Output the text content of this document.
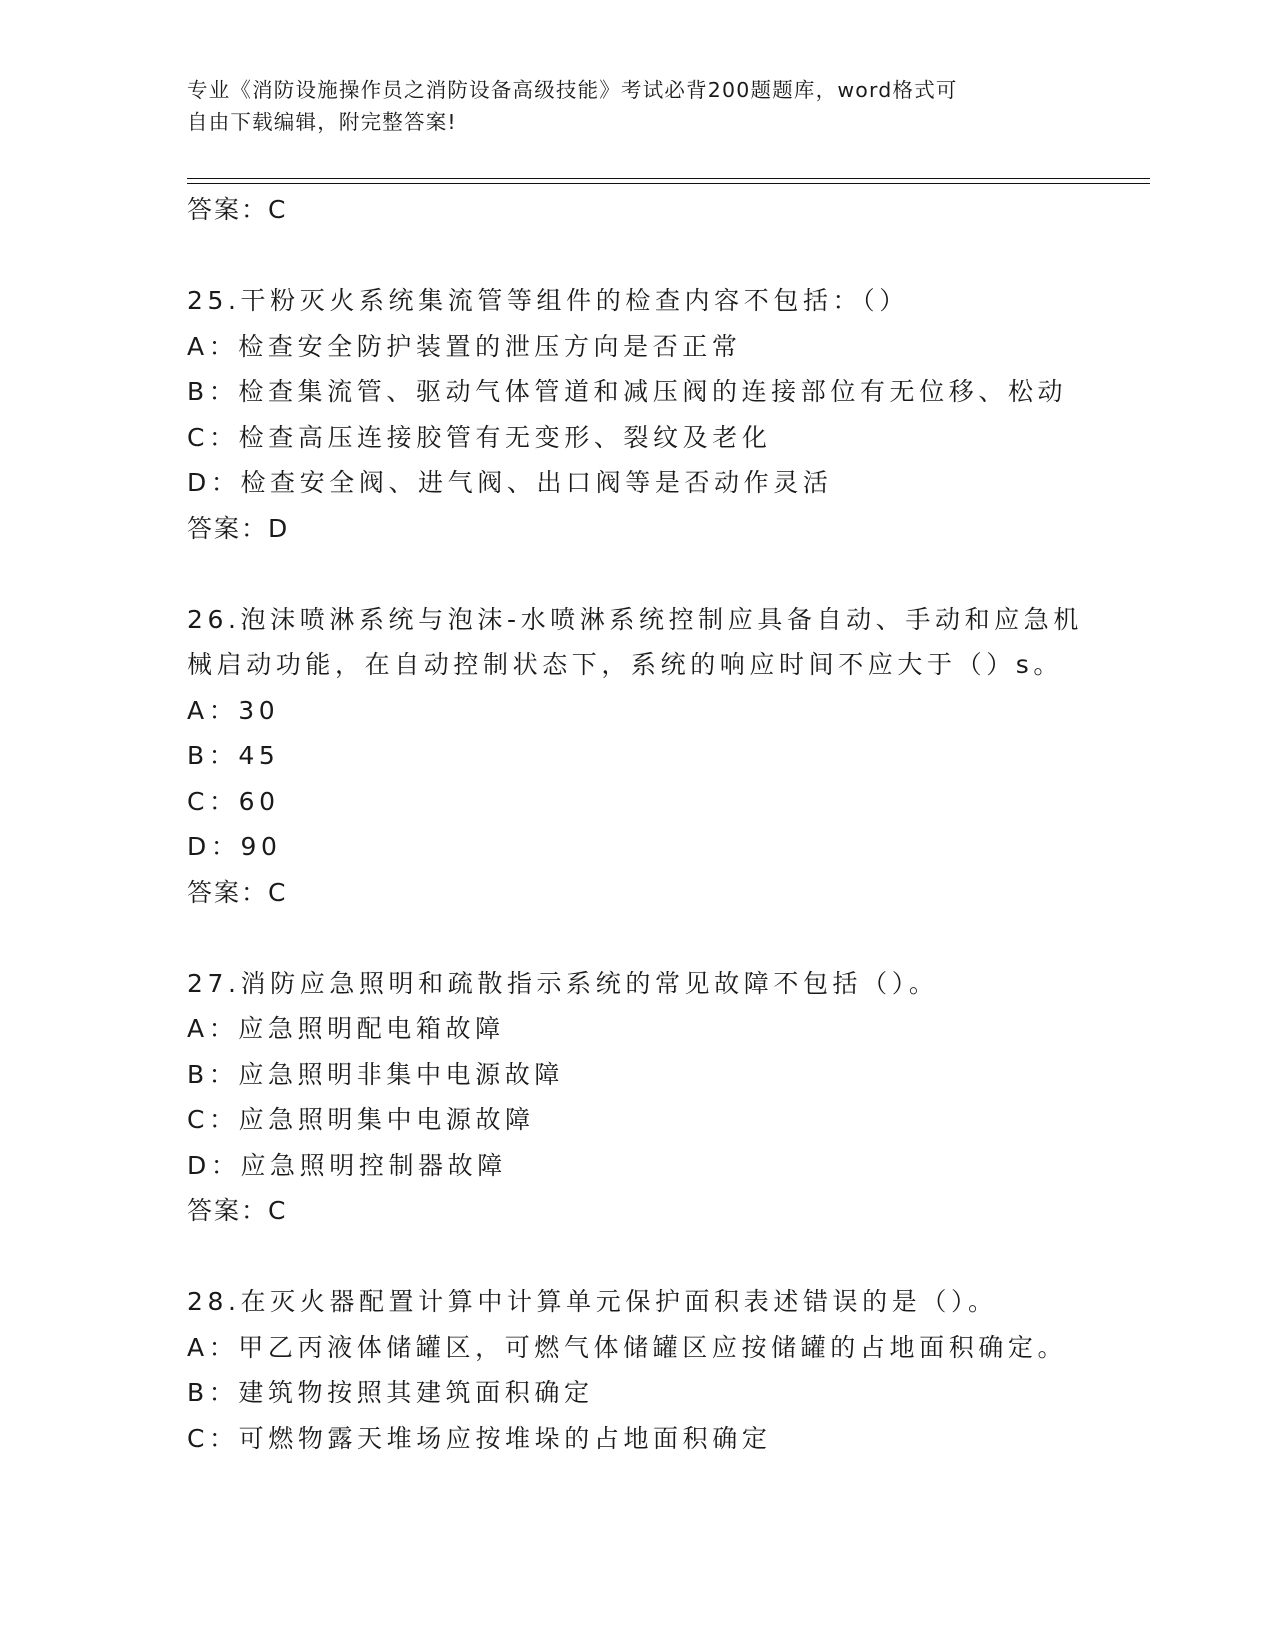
专业《消防设施操作员之消防设备高级技能》考试必背200题题库，word格式可
自由下载编辑，附完整答案!
答案：C
25.干粉灭火系统集流管等组件的检查内容不包括：（）
A：检查安全防护装置的泄压方向是否正常
B：检查集流管、驱动气体管道和减压阀的连接部位有无位移、松动
C：检查高压连接胶管有无变形、裂纹及老化
D：检查安全阀、进气阀、出口阀等是否动作灵活
答案：D
26.泡沫喷淋系统与泡沫-水喷淋系统控制应具备自动、手动和应急机
械启动功能，在自动控制状态下，系统的响应时间不应大于（）s。
A：30
B：45
C：60
D：90
答案：C
27.消防应急照明和疏散指示系统的常见故障不包括（）。
A：应急照明配电箱故障
B：应急照明非集中电源故障
C：应急照明集中电源故障
D：应急照明控制器故障
答案：C
28.在灭火器配置计算中计算单元保护面积表述错误的是（）。
A：甲乙丙液体储罐区，可燃气体储罐区应按储罐的占地面积确定。
B：建筑物按照其建筑面积确定
C：可燃物露天堆场应按堆垛的占地面积确定
